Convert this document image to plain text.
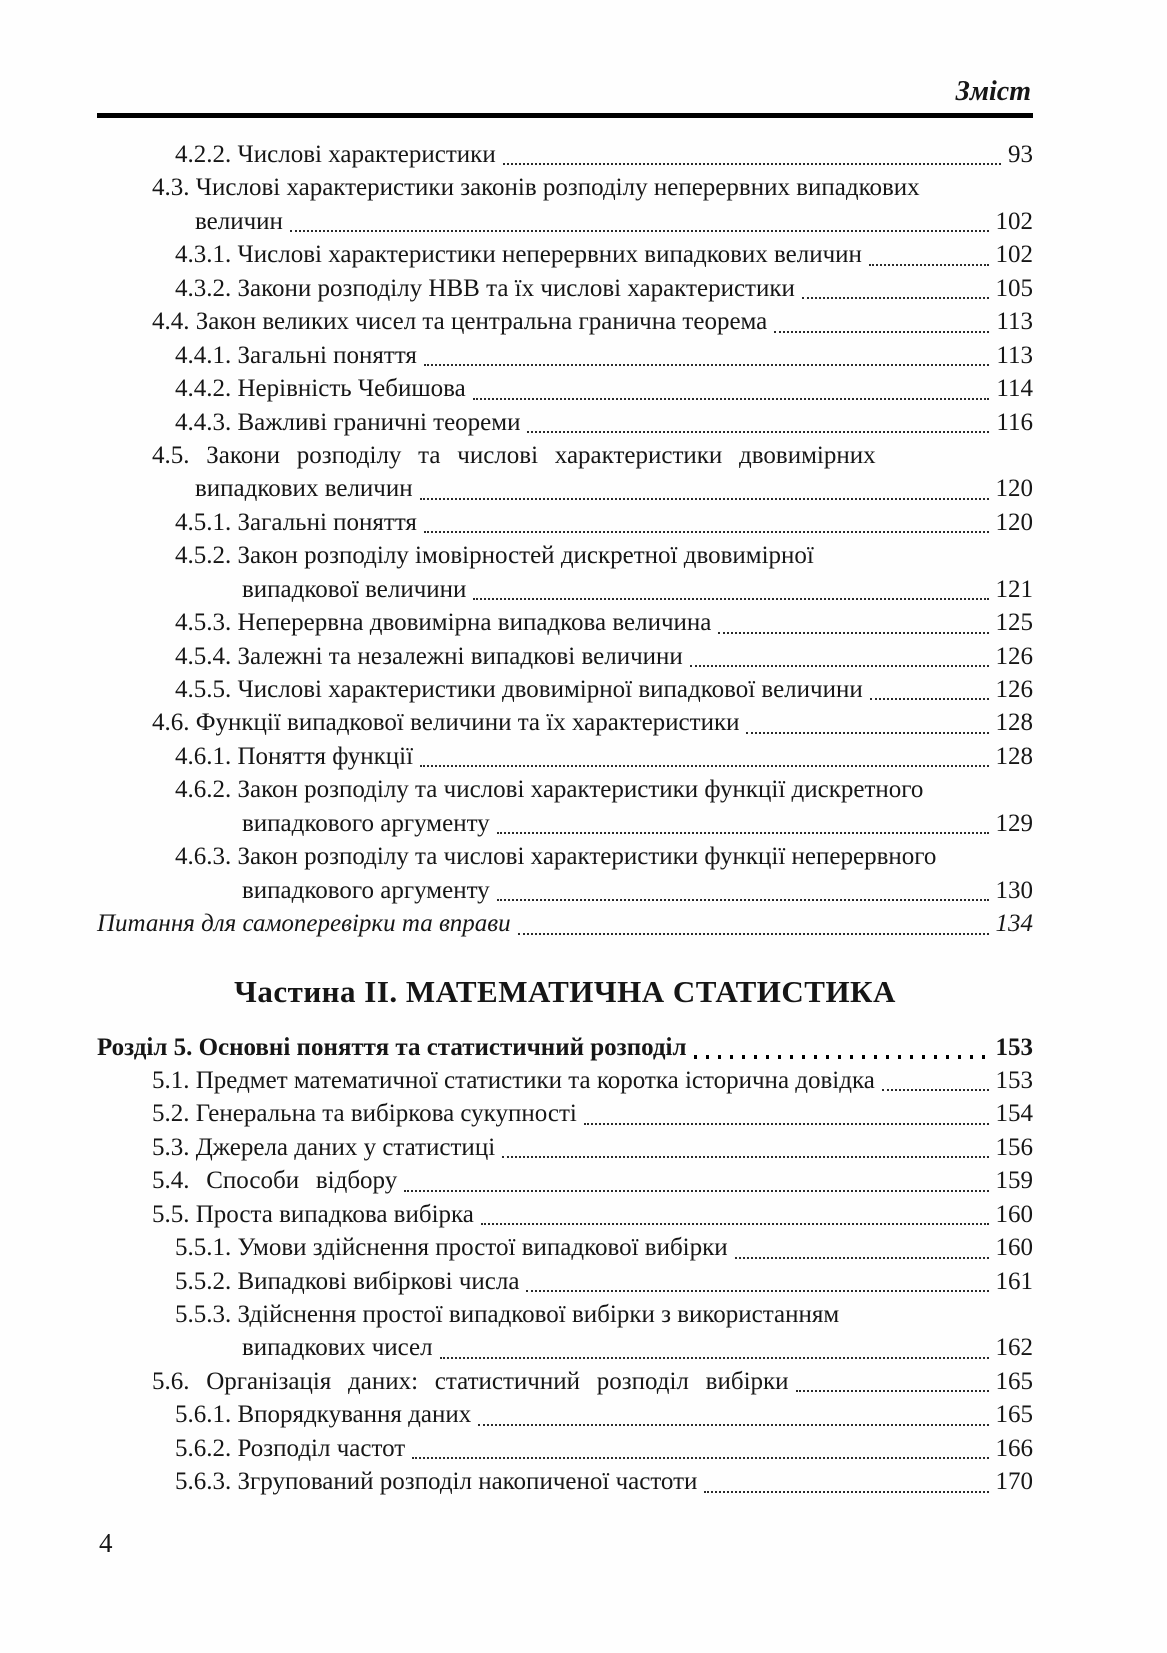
Зміст
4.2.2. Числові характеристики	93
4.3. Числові характеристики законів розподілу неперервних випадкових
величин	102
4.3.1. Числові характеристики неперервних випадкових величин	102
4.3.2. Закони розподілу НВВ та їх числові характеристики	105
4.4. Закон великих чисел та центральна гранична теорема	113
4.4.1. Загальні поняття	113
4.4.2. Нерівність Чебишова	114
4.4.3. Важливі граничні теореми	116
4.5. Закони розподілу та числові характеристики двовимірних
випадкових величин	120
4.5.1. Загальні поняття	120
4.5.2. Закон розподілу імовірностей дискретної двовимірної
випадкової величини	121
4.5.3. Неперервна двовимірна випадкова величина	125
4.5.4. Залежні та незалежні випадкові величини	126
4.5.5. Числові характеристики двовимірної випадкової величини	126
4.6. Функції випадкової величини та їх характеристики	128
4.6.1. Поняття функції	128
4.6.2. Закон розподілу та числові характеристики функції дискретного
випадкового аргументу	129
4.6.3. Закон розподілу та числові характеристики функції неперервного
випадкового аргументу	130
Питання для самоперевірки та вправи	134
Частина ІІ. МАТЕМАТИЧНА СТАТИСТИКА
Розділ 5. Основні поняття та статистичний розподіл	153
5.1. Предмет математичної статистики та коротка історична довідка	153
5.2. Генеральна та вибіркова сукупності	154
5.3. Джерела даних у статистиці	156
5.4. Способи відбору	159
5.5. Проста випадкова вибірка	160
5.5.1. Умови здійснення простої випадкової вибірки	160
5.5.2. Випадкові вибіркові числа	161
5.5.3. Здійснення простої випадкової вибірки з використанням
випадкових чисел	162
5.6. Організація даних: статистичний розподіл вибірки	165
5.6.1. Впорядкування даних	165
5.6.2. Розподіл частот	166
5.6.3. Згрупований розподіл накопиченої частоти	170
4
